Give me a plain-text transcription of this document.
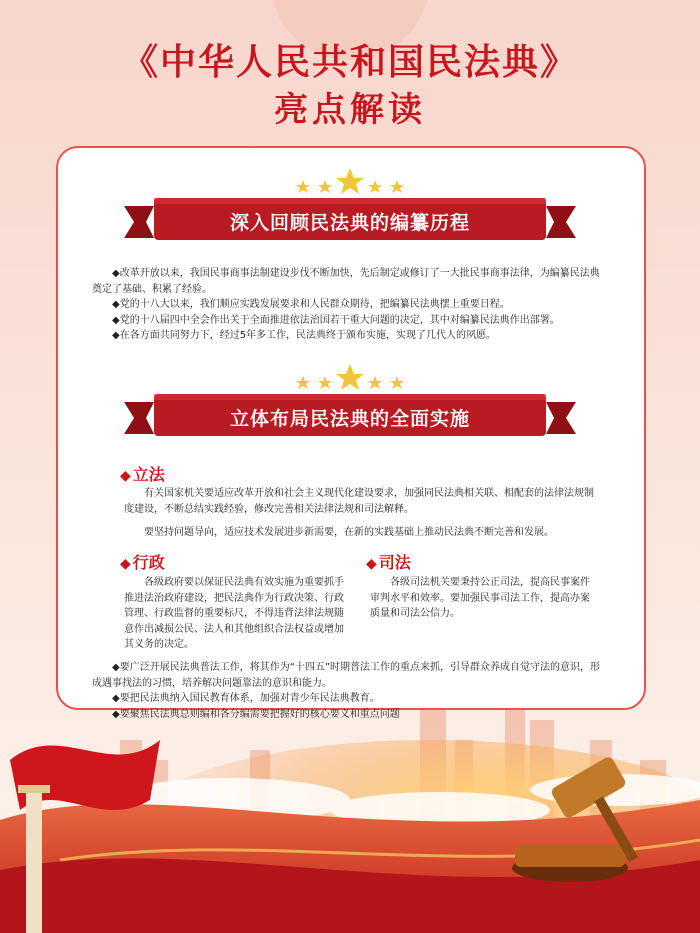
《中华人民共和国民法典》
亮点解读
深入回顾民法典的编纂历程

◆改革开放以来，我国民事商事法制建设步伐不断加快，先后制定或修订了一大批民事商事法律，为编纂民法典奠定了基础、积累了经验。

◆党的十八大以来，我们顺应实践发展要求和人民群众期待，把编纂民法典摆上重要日程。

◆党的十八届四中全会作出关于全面推进依法治国若干重大问题的决定，其中对编纂民法典作出部署。

◆在各方面共同努力下，经过5年多工作，民法典终于颁布实施，实现了几代人的夙愿。

立体布局民法典的全面实施
◆ 立法

有关国家机关要适应改革开放和社会主义现代化建设要求，加强同民法典相关联、相配套的法律法规制度建设，不断总结实践经验，修改完善相关法律法规和司法解释。

要坚持问题导向，适应技术发展进步新需要，在新的实践基础上推动民法典不断完善和发展。

◆ 行政

各级政府要以保证民法典有效实施为重要抓手推进法治政府建设，把民法典作为行政决策、行政管理、行政监督的重要标尺，不得违背法律法规随意作出减损公民、法人和其他组织合法权益或增加其义务的决定。

◆ 司法

各级司法机关要秉持公正司法，提高民事案件审判水平和效率。要加强民事司法工作，提高办案质量和司法公信力。

◆要广泛开展民法典普法工作，将其作为“十四五”时期普法工作的重点来抓，引导群众养成自觉守法的意识，形成遇事找法的习惯，培养解决问题靠法的意识和能力。

◆要把民法典纳入国民教育体系，加强对青少年民法典教育。

◆要聚焦民法典总则编和各分编需要把握好的核心要义和重点问题
